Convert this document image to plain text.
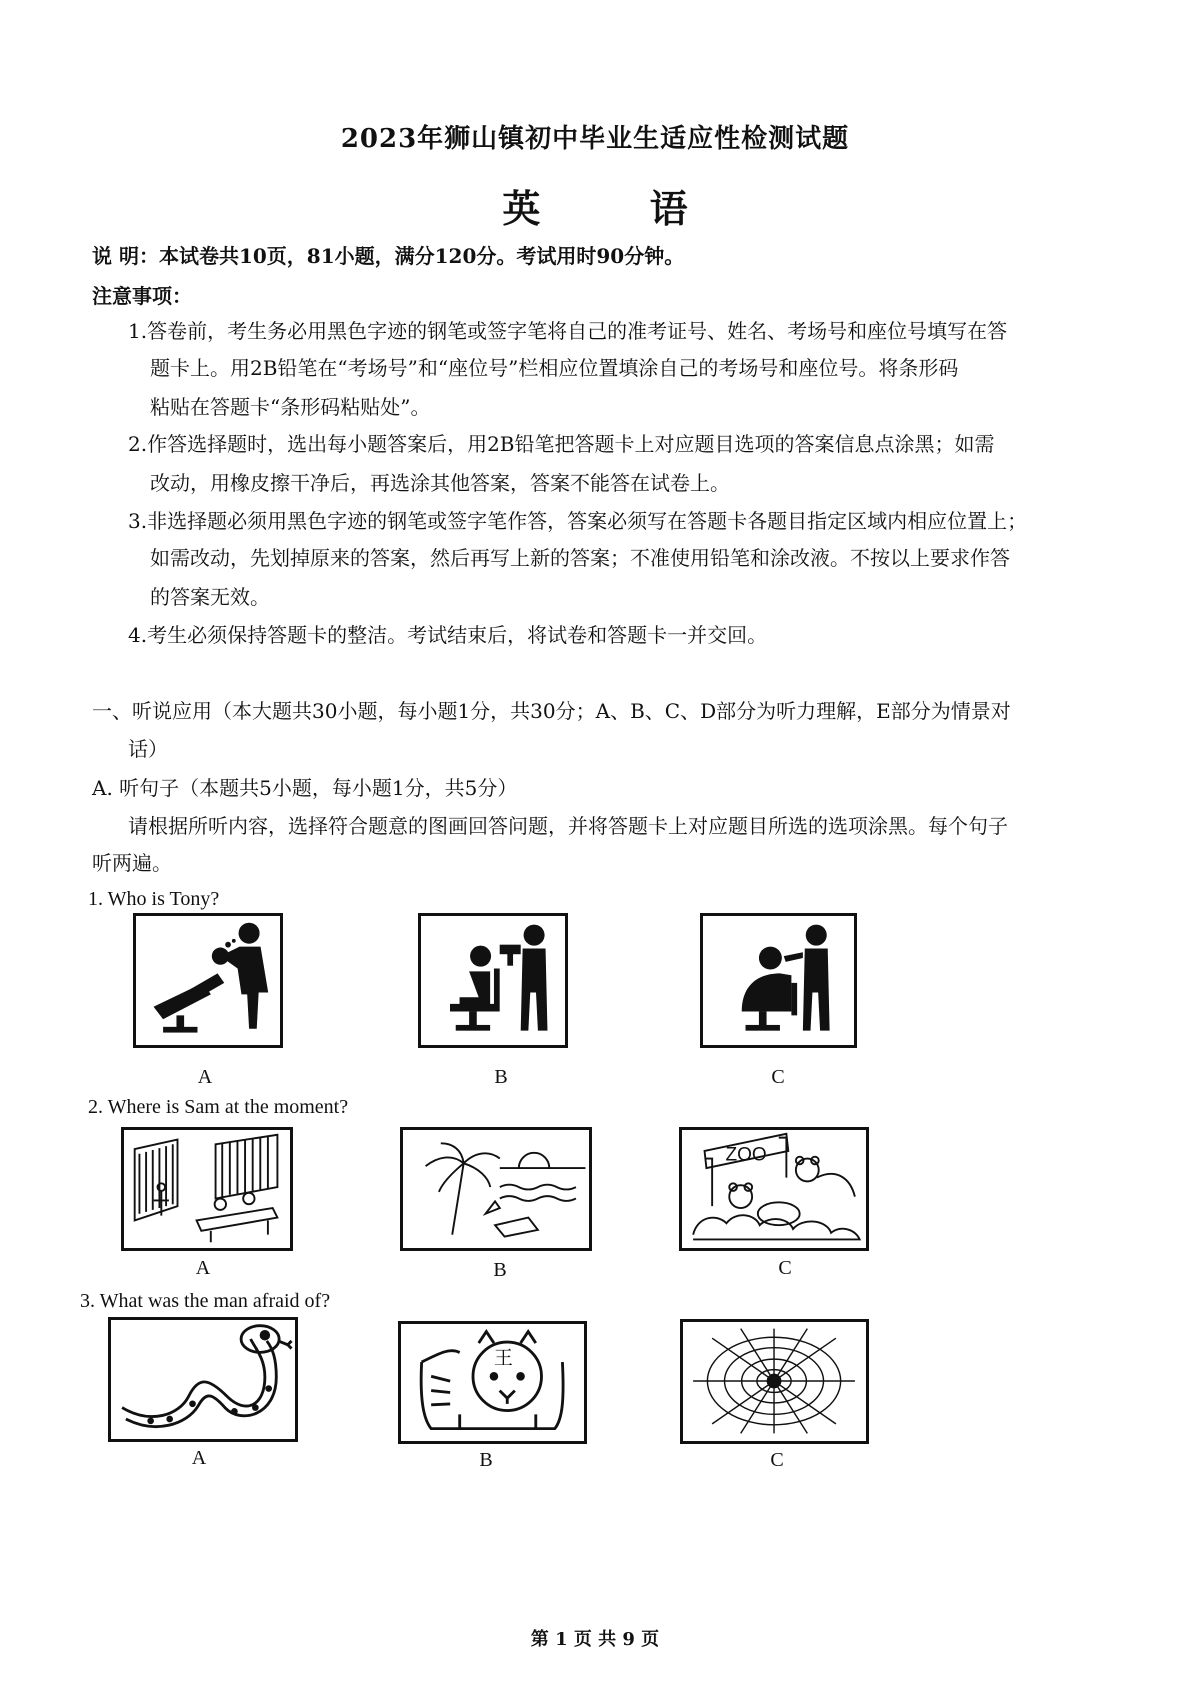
2023年狮山镇初中毕业生适应性检测试题
英 语
说 明：本试卷共10页，81小题，满分120分。考试用时90分钟。
注意事项：
1.答卷前，考生务必用黑色字迹的钢笔或签字笔将自己的准考证号、姓名、考场号和座位号填写在答
题卡上。用2B铅笔在“考场号”和“座位号”栏相应位置填涂自己的考场号和座位号。将条形码
粘贴在答题卡“条形码粘贴处”。
2.作答选择题时，选出每小题答案后，用2B铅笔把答题卡上对应题目选项的答案信息点涂黑；如需
改动，用橡皮擦干净后，再选涂其他答案，答案不能答在试卷上。
3.非选择题必须用黑色字迹的钢笔或签字笔作答，答案必须写在答题卡各题目指定区域内相应位置上；
如需改动，先划掉原来的答案，然后再写上新的答案；不准使用铅笔和涂改液。不按以上要求作答
的答案无效。
4.考生必须保持答题卡的整洁。考试结束后，将试卷和答题卡一并交回。
一、听说应用（本大题共30小题，每小题1分，共30分；A、B、C、D部分为听力理解，E部分为情景对
话）
A. 听句子（本题共5小题，每小题1分，共5分）
请根据所听内容，选择符合题意的图画回答问题，并将答题卡上对应题目所选的选项涂黑。每个句子
听两遍。
1. Who is Tony?
A	B	C
2. Where is Sam at the moment?
ZOO
A	B	C
3. What was the man afraid of?
王
A	B	C
第 1 页 共 9 页
